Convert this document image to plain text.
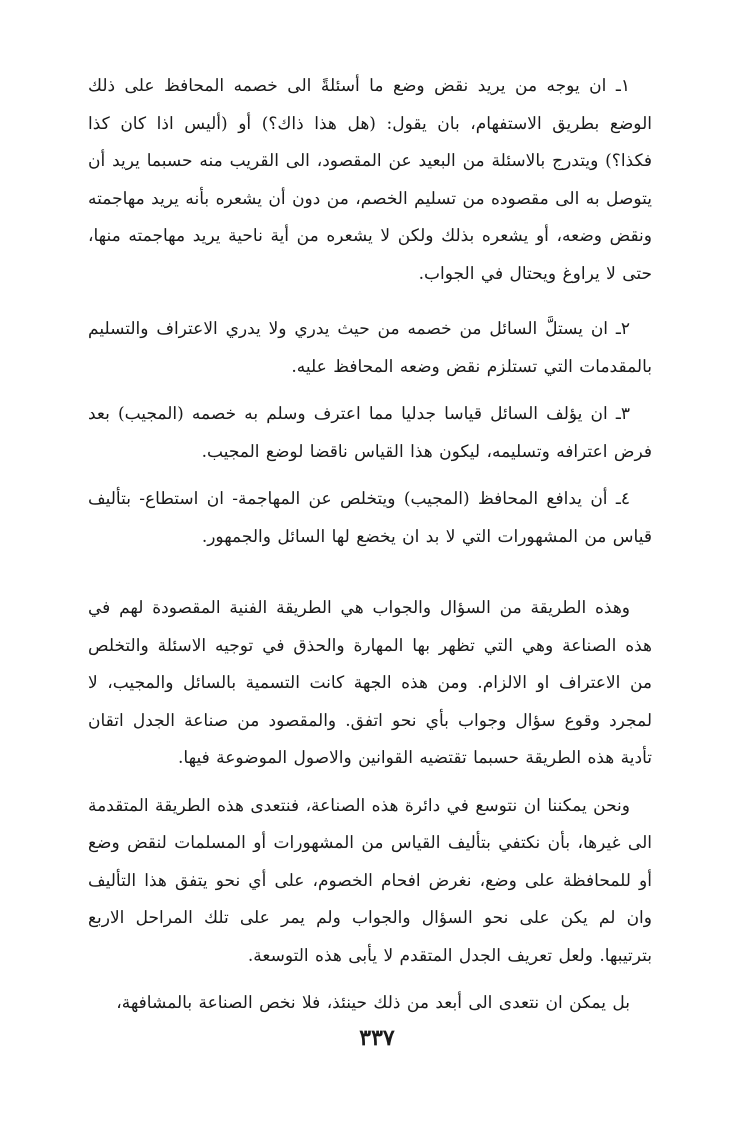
١ـ ان يوجه من يريد نقض وضع ما أسئلةً الى خصمه المحافظ على ذلك الوضع بطريق الاستفهام، بان يقول: (هل هذا ذاك؟) أو (أليس اذا كان كذا فكذا؟) ويتدرج بالاسئلة من البعيد عن المقصود، الى القريب منه حسبما يريد أن يتوصل به الى مقصوده من تسليم الخصم، من دون أن يشعره بأنه يريد مهاجمته ونقض وضعه، أو يشعره بذلك ولكن لا يشعره من أية ناحية يريد مهاجمته منها، حتى لا يراوغ ويحتال في الجواب.

٢ـ ان يستلَّ السائل من خصمه من حيث يدري ولا يدري الاعتراف والتسليم بالمقدمات التي تستلزم نقض وضعه المحافظ عليه.

٣ـ ان يؤلف السائل قياسا جدليا مما اعترف وسلم به خصمه (المجيب) بعد فرض اعترافه وتسليمه، ليكون هذا القياس ناقضا لوضع المجيب.

٤ـ أن يدافع المحافظ (المجيب) ويتخلص عن المهاجمة- ان استطاع- بتأليف قياس من المشهورات التي لا بد ان يخضع لها السائل والجمهور.

وهذه الطريقة من السؤال والجواب هي الطريقة الفنية المقصودة لهم في هذه الصناعة وهي التي تظهر بها المهارة والحذق في توجيه الاسئلة والتخلص من الاعتراف او الالزام. ومن هذه الجهة كانت التسمية بالسائل والمجيب، لا لمجرد وقوع سؤال وجواب بأي نحو اتفق. والمقصود من صناعة الجدل اتقان تأدية هذه الطريقة حسبما تقتضيه القوانين والاصول الموضوعة فيها.

ونحن يمكننا ان نتوسع في دائرة هذه الصناعة، فنتعدى هذه الطريقة المتقدمة الى غيرها، بأن نكتفي بتأليف القياس من المشهورات أو المسلمات لنقض وضع أو للمحافظة على وضع، نغرض افحام الخصوم، على أي نحو يتفق هذا التأليف وان لم يكن على نحو السؤال والجواب ولم يمر على تلك المراحل الاربع بترتيبها. ولعل تعريف الجدل المتقدم لا يأبى هذه التوسعة.

بل يمكن ان نتعدى الى أبعد من ذلك حينئذ، فلا نخص الصناعة بالمشافهة،

٣٣٧
